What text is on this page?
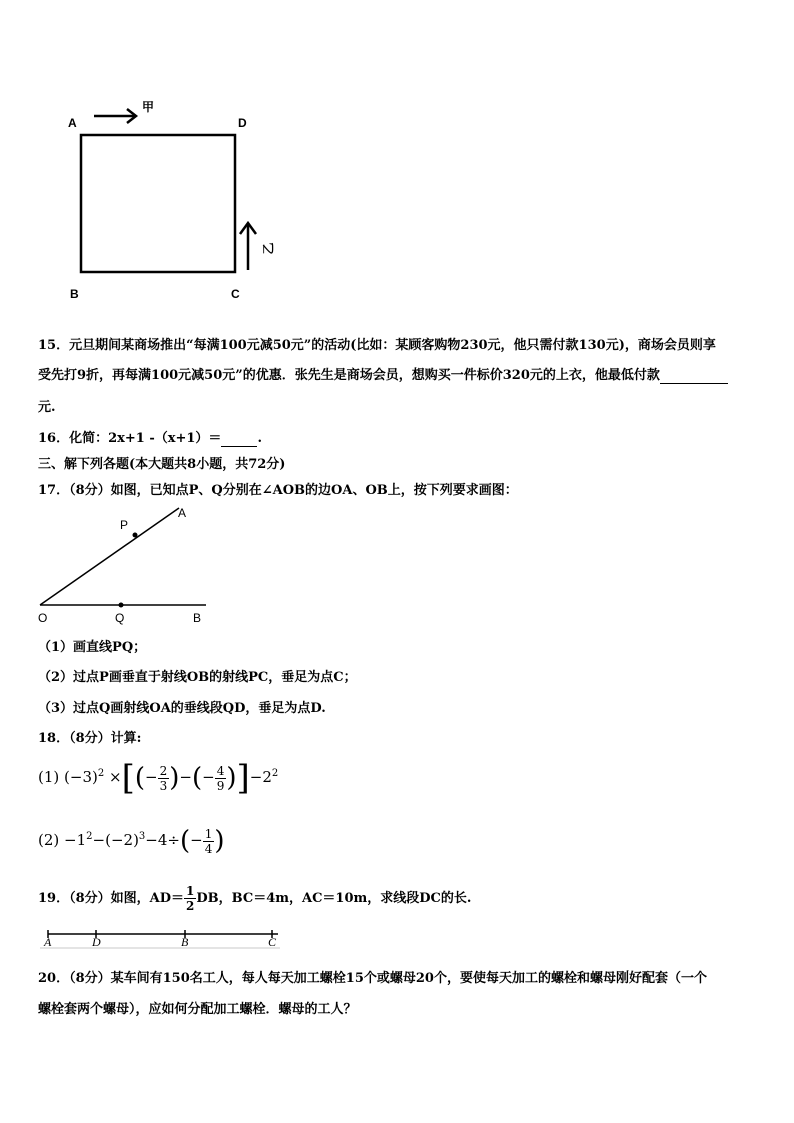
A	D
B	C
甲
乙
15．元旦期间某商场推出“每满100元减50元”的活动(比如：某顾客购物230元，他只需付款130元)，商场会员则享
受先打9折，再每满100元减50元”的优惠．张先生是商场会员，想购买一件标价320元的上衣，他最低付款
元.
16．化简：2x+1 -（x+1）＝	.
三、解下列各题(本大题共8小题，共72分)
17．（8分）如图，已知点P、Q分别在∠AOB的边OA、OB上，按下列要求画图：
O	Q	B
P
A
（1）画直线PQ；
（2）过点P画垂直于射线OB的射线PC，垂足为点C；
（3）过点Q画射线OA的垂线段QD，垂足为点D.
18．（8分）计算:
(1) $(-3)^2$ ×[(− $\frac{2}{3}$ )−(− $\frac{4}{9} )]-2^2$
$(2) -1^2-(-2)^3-4\div(- \frac{1}{4}$ )
19．（8分）如图，$AD= \frac{1}{2}$ DB，BC＝4m，AC＝10m，求线段DC的长.
A	D	B	C
20．（8分）某车间有150名工人，每人每天加工螺栓15个或螺母20个，要使每天加工的螺栓和螺母刚好配套（一个
螺栓套两个螺母），应如何分配加工螺栓．螺母的工人？
